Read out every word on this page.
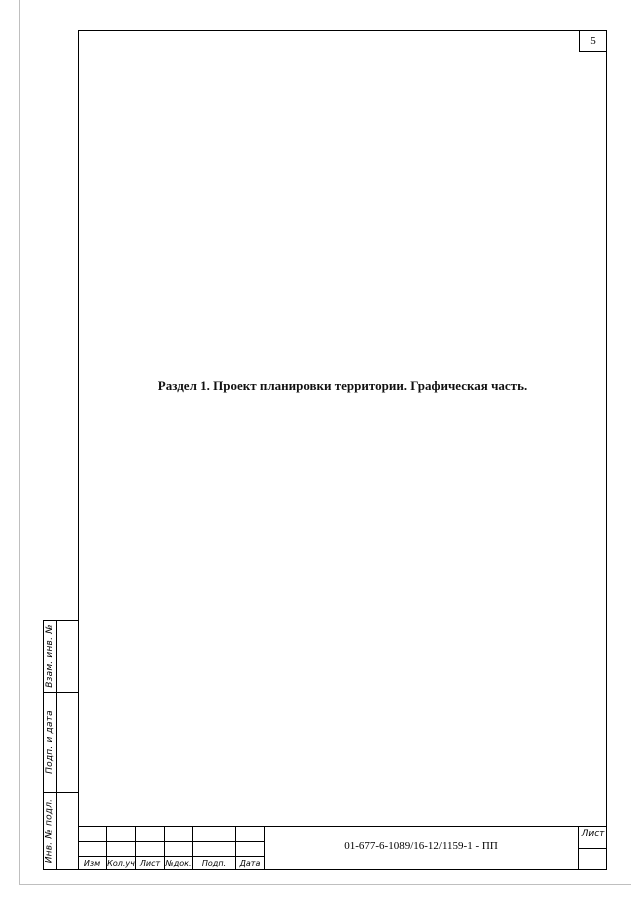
5
Раздел 1. Проект планировки территории. Графическая часть.
Взам. инв. №
Подп. и дата
Инв. № подл.	Изм Кол.уч Лист №док.	Подп.	Дата
01-677-6-1089/16-12/1159-1 - ПП
Лист
